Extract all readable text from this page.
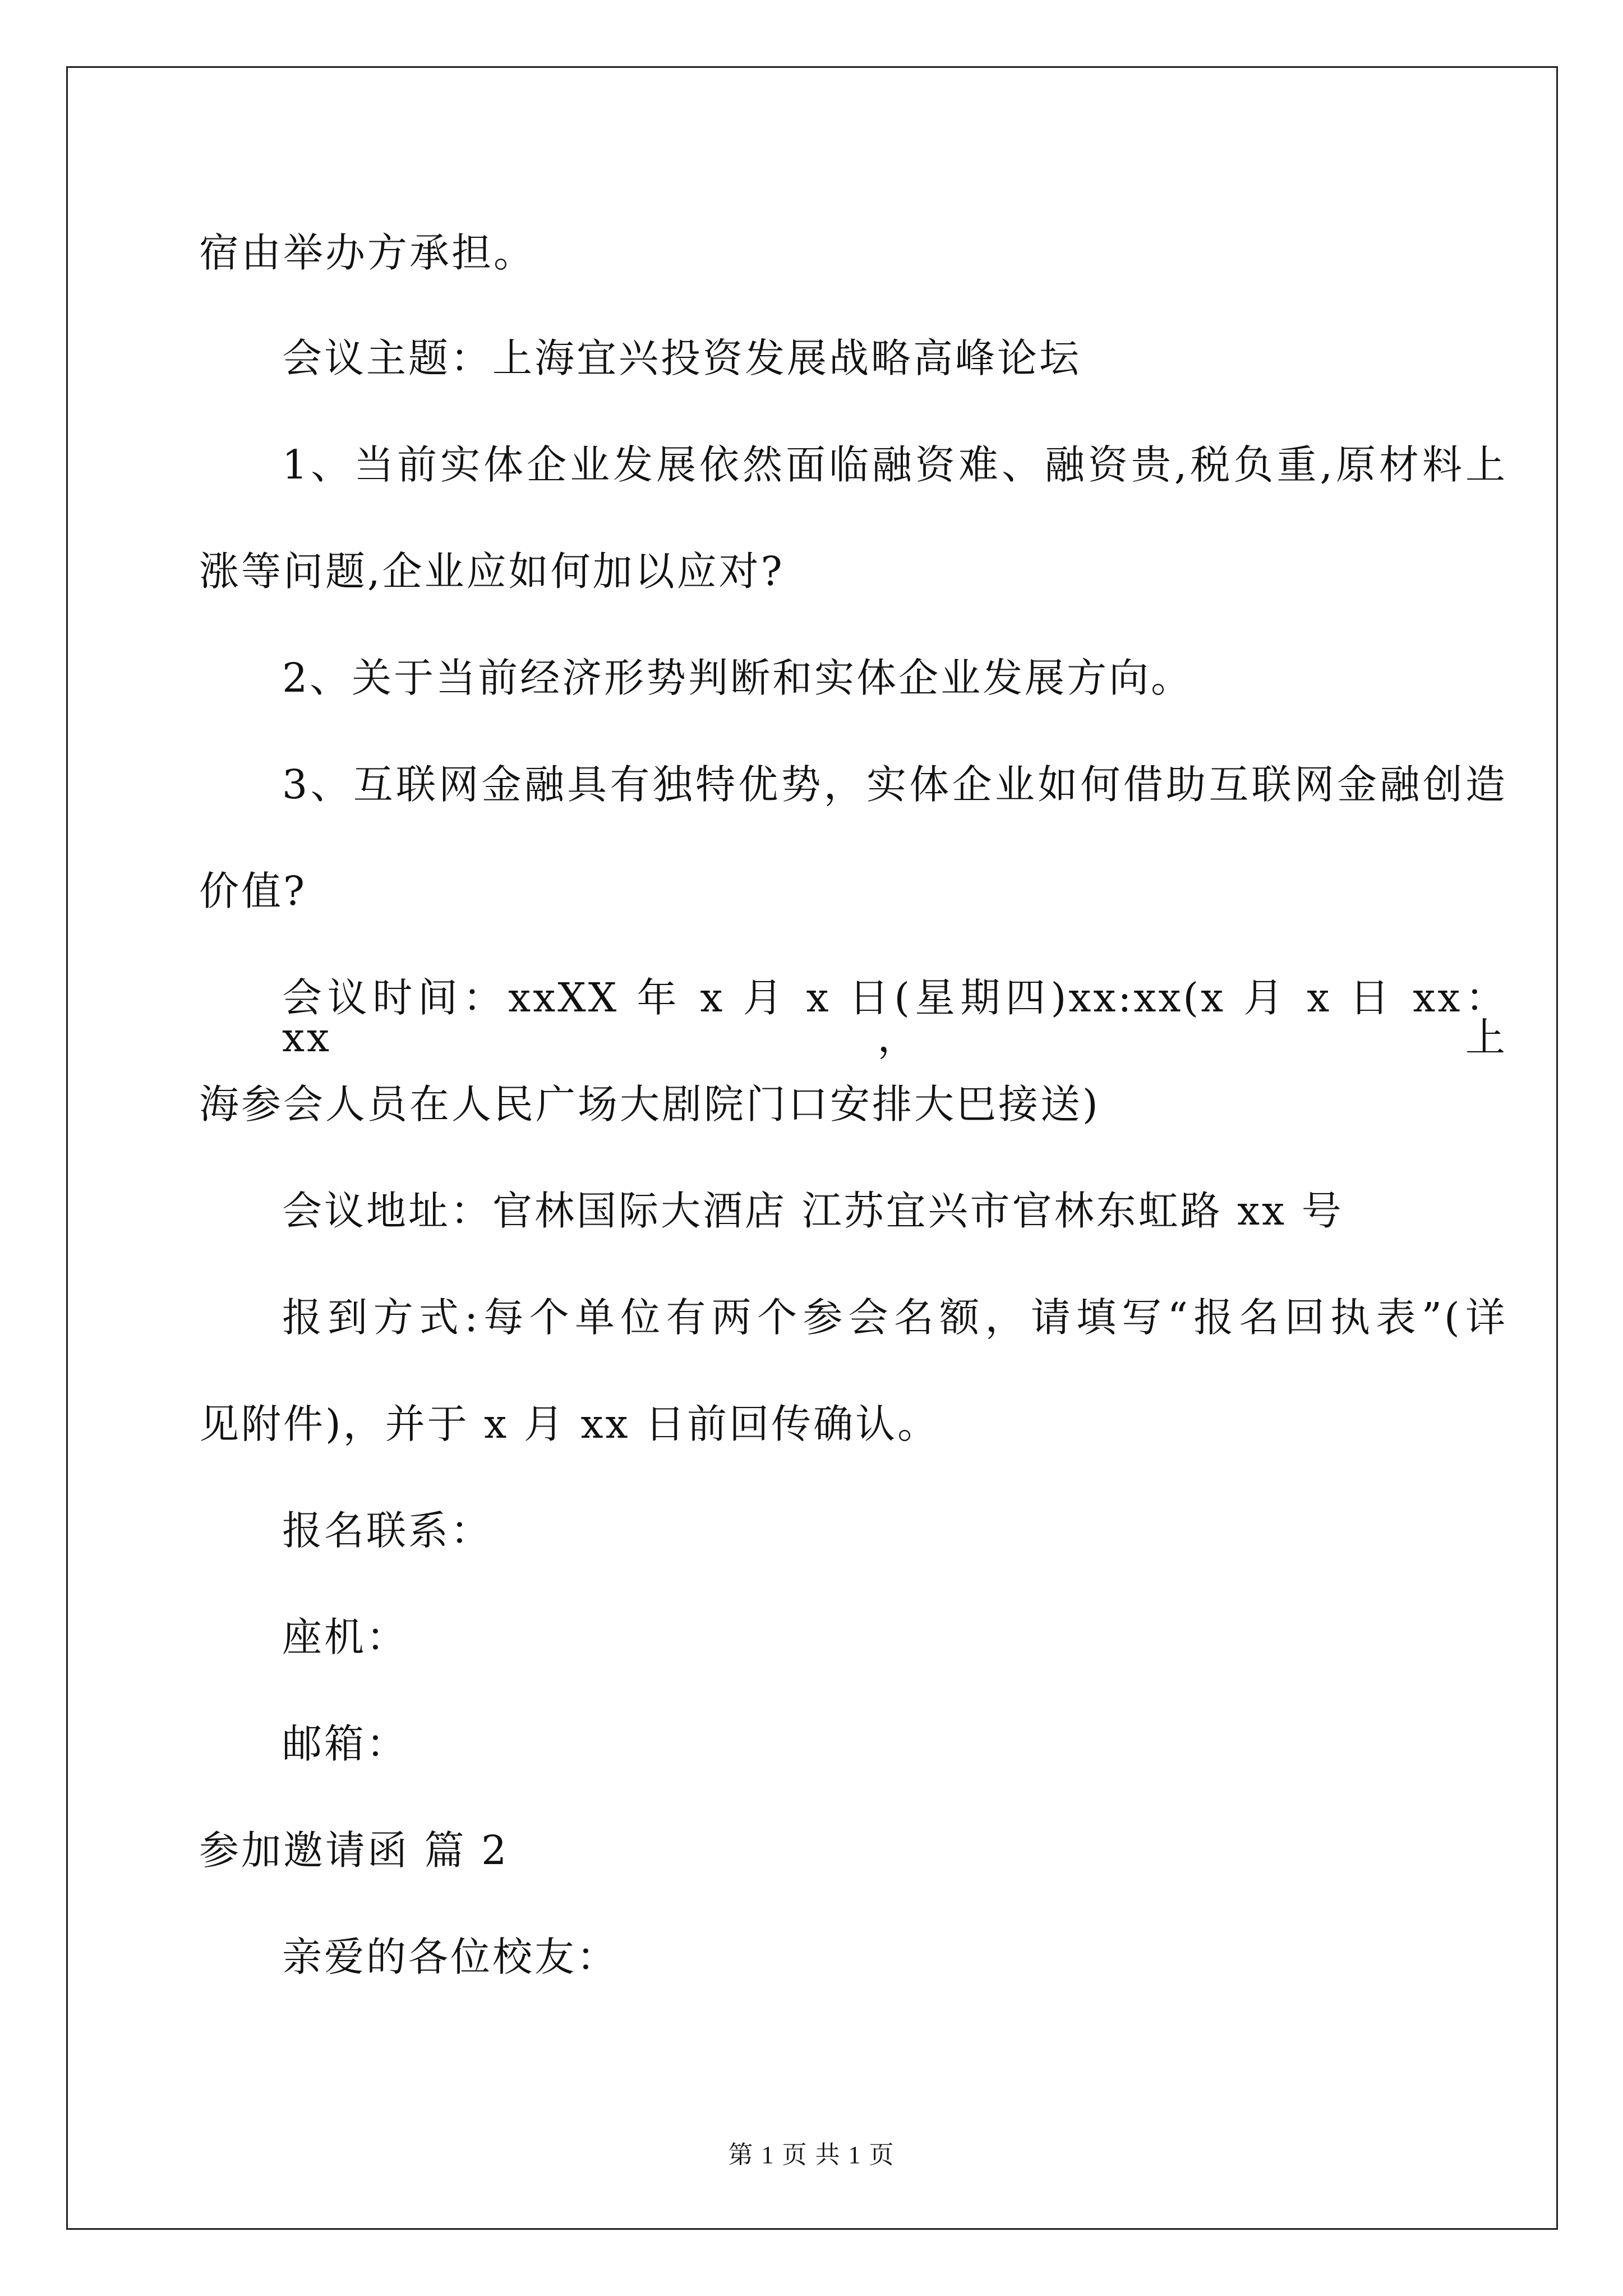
宿由举办方承担。
会议主题：上海宜兴投资发展战略高峰论坛
1、当前实体企业发展依然面临融资难、融资贵,税负重,原材料上
涨等问题,企业应如何加以应对?
2、关于当前经济形势判断和实体企业发展方向。
3、互联网金融具有独特优势，实体企业如何借助互联网金融创造
价值?
会议时间：xxXX 年 x 月 x 日(星期四)xx:xx(x 月 x 日 xx：xx，上
海参会人员在人民广场大剧院门口安排大巴接送)
会议地址：官林国际大酒店 江苏宜兴市官林东虹路 xx 号
报到方式:每个单位有两个参会名额，请填写“报名回执表”(详
见附件)，并于 x 月 xx 日前回传确认。
报名联系：
座机：
邮箱：
参加邀请函 篇 2
亲爱的各位校友：
第 1 页 共 1 页
